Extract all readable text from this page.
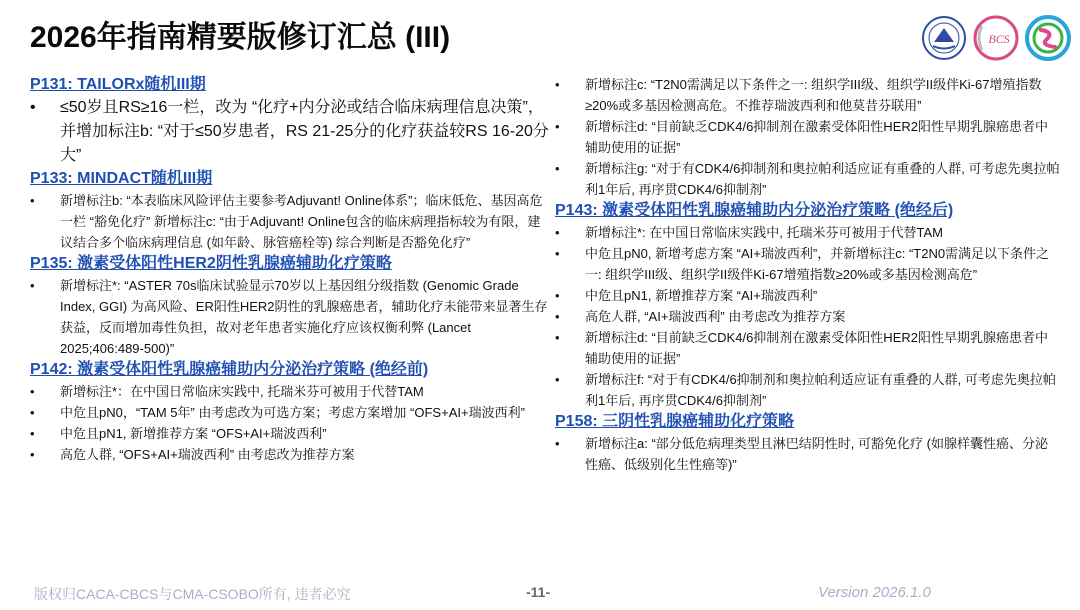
2026年指南精要版修订汇总 (III)	BCS
P131: TAILORx随机III期
•	≤50岁且RS≥16一栏，改为 “化疗+内分泌或结合临床病理信息决策”，并增加标注b: “对于≤50岁患者，RS 21-25分的化疗获益较RS 16-20分大”
P133: MINDACT随机III期
•	新增标注b: “本表临床风险评估主要参考Adjuvant! Online体系”；临床低危、基因高危一栏 “豁免化疗” 新增标注c: “由于Adjuvant! Online包含的临床病理指标较为有限，建议结合多个临床病理信息 (如年龄、脉管癌栓等) 综合判断是否豁免化疗”
P135: 激素受体阳性HER2阴性乳腺癌辅助化疗策略
•	新增标注*: “ASTER 70s临床试验显示70岁以上基因组分级指数 (Genomic Grade Index, GGI) 为高风险、ER阳性HER2阴性的乳腺癌患者，辅助化疗未能带来显著生存获益，反而增加毒性负担，故对老年患者实施化疗应该权衡利弊 (Lancet 2025;406:489-500)”
P142: 激素受体阳性乳腺癌辅助内分泌治疗策略 (绝经前)
•	新增标注*：在中国日常临床实践中, 托瑞米芬可被用于代替TAM
•	中危且pN0，“TAM 5年” 由考虑改为可选方案；考虑方案增加 “OFS+AI+瑞波西利”
•	中危且pN1, 新增推荐方案 “OFS+AI+瑞波西利”
•	高危人群, “OFS+AI+瑞波西利” 由考虑改为推荐方案
•	新增标注c: “T2N0需满足以下条件之一: 组织学III级、组织学II级伴Ki-67增殖指数≥20%或多基因检测高危。不推荐瑞波西利和他莫昔芬联用”
•	新增标注d: “目前缺乏CDK4/6抑制剂在激素受体阳性HER2阳性早期乳腺癌患者中辅助使用的证据”
•	新增标注g: “对于有CDK4/6抑制剂和奥拉帕利适应证有重叠的人群, 可考虑先奥拉帕利1年后, 再序贯CDK4/6抑制剂”
P143: 激素受体阳性乳腺癌辅助内分泌治疗策略 (绝经后)
•	新增标注*: 在中国日常临床实践中, 托瑞米芬可被用于代替TAM
•	中危且pN0, 新增考虑方案 “AI+瑞波西利”，并新增标注c: “T2N0需满足以下条件之一: 组织学III级、组织学II级伴Ki-67增殖指数≥20%或多基因检测高危”
•	中危且pN1, 新增推荐方案 “AI+瑞波西利”
•	高危人群, “AI+瑞波西利” 由考虑改为推荐方案
•	新增标注d: “目前缺乏CDK4/6抑制剂在激素受体阳性HER2阳性早期乳腺癌患者中辅助使用的证据”
•	新增标注f: “对于有CDK4/6抑制剂和奥拉帕利适应证有重叠的人群, 可考虑先奥拉帕利1年后, 再序贯CDK4/6抑制剂”
P158: 三阴性乳腺癌辅助化疗策略
•	新增标注a: “部分低危病理类型且淋巴结阴性时, 可豁免化疗 (如腺样囊性癌、分泌性癌、低级别化生性癌等)”
版权归CACA-CBCS与CMA-CSOBO所有, 违者必究	-11-	Version 2026.1.0
